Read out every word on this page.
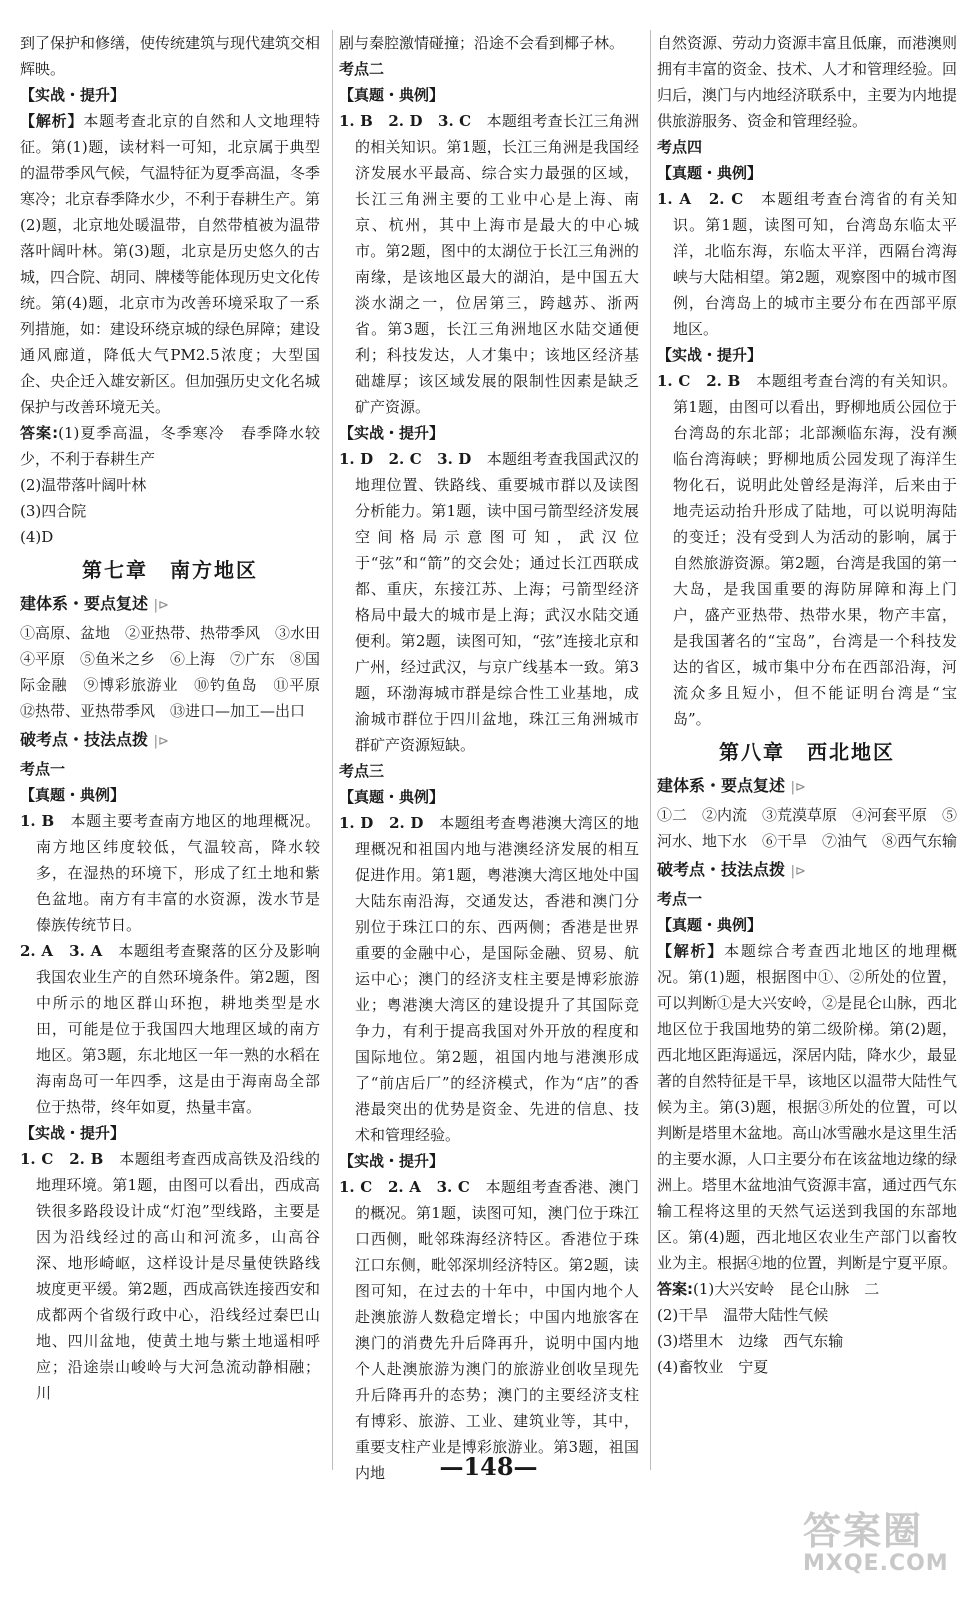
到了保护和修缮，使传统建筑与现代建筑交相辉映。
【实战・提升】
【解析】本题考查北京的自然和人文地理特征。第(1)题，读材料一可知，北京属于典型的温带季风气候，气温特征为夏季高温，冬季寒冷；北京春季降水少，不利于春耕生产。第(2)题，北京地处暖温带，自然带植被为温带落叶阔叶林。第(3)题，北京是历史悠久的古城，四合院、胡同、牌楼等能体现历史文化传统。第(4)题，北京市为改善环境采取了一系列措施，如：建设环绕京城的绿色屏障；建设通风廊道，降低大气PM2.5浓度；大型国企、央企迁入雄安新区。但加强历史文化名城保护与改善环境无关。
答案:(1)夏季高温，冬季寒冷　春季降水较少，不利于春耕生产
(2)温带落叶阔叶林
(3)四合院
(4)D
第七章　南方地区
建体系・要点复述 |⊳
①高原、盆地　②亚热带、热带季风　③水田　④平原　⑤鱼米之乡　⑥上海　⑦广东　⑧国际金融　⑨博彩旅游业　⑩钓鱼岛　⑪平原　⑫热带、亚热带季风　⑬进口—加工—出口
破考点・技法点拨 |⊳
考点一
【真题・典例】
1. B　 本题主要考查南方地区的地理概况。南方地区纬度较低，气温较高，降水较多，在湿热的环境下，形成了红土地和紫色盆地。南方有丰富的水资源，泼水节是傣族传统节日。
2. A　3. A　 本题组考查聚落的区分及影响我国农业生产的自然环境条件。第2题，图中所示的地区群山环抱，耕地类型是水田，可能是位于我国四大地理区域的南方地区。第3题，东北地区一年一熟的水稻在海南岛可一年四季，这是由于海南岛全部位于热带，终年如夏，热量丰富。
【实战・提升】
1. C　2. B　 本题组考查西成高铁及沿线的地理环境。第1题，由图可以看出，西成高铁很多路段设计成“灯泡”型线路，主要是因为沿线经过的高山和河流多，山高谷深、地形崎岖，这样设计是尽量使铁路线坡度更平缓。第2题，西成高铁连接西安和成都两个省级行政中心，沿线经过秦巴山地、四川盆地，使黄土地与紫土地遥相呼应；沿途崇山峻岭与大河急流动静相融；川
剧与秦腔激情碰撞；沿途不会看到椰子林。
考点二
【真题・典例】
1. B　2. D　3. C　 本题组考查长江三角洲的相关知识。第1题，长江三角洲是我国经济发展水平最高、综合实力最强的区域，长江三角洲主要的工业中心是上海、南京、杭州，其中上海市是最大的中心城市。第2题，图中的太湖位于长江三角洲的南缘，是该地区最大的湖泊，是中国五大淡水湖之一，位居第三，跨越苏、浙两省。第3题，长江三角洲地区水陆交通便利；科技发达，人才集中；该地区经济基础雄厚；该区域发展的限制性因素是缺乏矿产资源。
【实战・提升】
1. D　2. C　3. D　 本题组考查我国武汉的地理位置、铁路线、重要城市群以及读图分析能力。第1题，读中国弓箭型经济发展空间格局示意图可知，武汉位于“弦”和“箭”的交会处；通过长江西联成都、重庆，东接江苏、上海；弓箭型经济格局中最大的城市是上海；武汉水陆交通便利。第2题，读图可知，“弦”连接北京和广州，经过武汉，与京广线基本一致。第3题，环渤海城市群是综合性工业基地，成渝城市群位于四川盆地，珠江三角洲城市群矿产资源短缺。
考点三
【真题・典例】
1. D　2. D　 本题组考查粤港澳大湾区的地理概况和祖国内地与港澳经济发展的相互促进作用。第1题，粤港澳大湾区地处中国大陆东南沿海，交通发达，香港和澳门分别位于珠江口的东、西两侧；香港是世界重要的金融中心，是国际金融、贸易、航运中心；澳门的经济支柱主要是博彩旅游业；粤港澳大湾区的建设提升了其国际竞争力，有利于提高我国对外开放的程度和国际地位。第2题，祖国内地与港澳形成了“前店后厂”的经济模式，作为“店”的香港最突出的优势是资金、先进的信息、技术和管理经验。
【实战・提升】
1. C　2. A　3. C　 本题组考查香港、澳门的概况。第1题，读图可知，澳门位于珠江口西侧，毗邻珠海经济特区。香港位于珠江口东侧，毗邻深圳经济特区。第2题，读图可知，在过去的十年中，中国内地个人赴澳旅游人数稳定增长；中国内地旅客在澳门的消费先升后降再升，说明中国内地个人赴澳旅游为澳门的旅游业创收呈现先升后降再升的态势；澳门的主要经济支柱有博彩、旅游、工业、建筑业等，其中，重要支柱产业是博彩旅游业。第3题，祖国内地
自然资源、劳动力资源丰富且低廉，而港澳则拥有丰富的资金、技术、人才和管理经验。回归后，澳门与内地经济联系中，主要为内地提供旅游服务、资金和管理经验。
考点四
【真题・典例】
1. A　2. C　 本题组考查台湾省的有关知识。第1题，读图可知，台湾岛东临太平洋，北临东海，东临太平洋，西隔台湾海峡与大陆相望。第2题，观察图中的城市图例，台湾岛上的城市主要分布在西部平原地区。
【实战・提升】
1. C　2. B　 本题组考查台湾的有关知识。第1题，由图可以看出，野柳地质公园位于台湾岛的东北部；北部濒临东海，没有濒临台湾海峡；野柳地质公园发现了海洋生物化石，说明此处曾经是海洋，后来由于地壳运动抬升形成了陆地，可以说明海陆的变迁；没有受到人为活动的影响，属于自然旅游资源。第2题，台湾是我国的第一大岛，是我国重要的海防屏障和海上门户，盛产亚热带、热带水果，物产丰富，是我国著名的“宝岛”，台湾是一个科技发达的省区，城市集中分布在西部沿海，河流众多且短小，但不能证明台湾是“宝岛”。
第八章　西北地区
建体系・要点复述 |⊳
①二　②内流　③荒漠草原　④河套平原　⑤河水、地下水　⑥干旱　⑦油气　⑧西气东输
破考点・技法点拨 |⊳
考点一
【真题・典例】
【解析】本题综合考查西北地区的地理概况。第(1)题，根据图中①、②所处的位置，可以判断①是大兴安岭，②是昆仑山脉，西北地区位于我国地势的第二级阶梯。第(2)题，西北地区距海遥远，深居内陆，降水少，最显著的自然特征是干旱，该地区以温带大陆性气候为主。第(3)题，根据③所处的位置，可以判断是塔里木盆地。高山冰雪融水是这里生活的主要水源，人口主要分布在该盆地边缘的绿洲上。塔里木盆地油气资源丰富，通过西气东输工程将这里的天然气运送到我国的东部地区。第(4)题，西北地区农业生产部门以畜牧业为主。根据④地的位置，判断是宁夏平原。
答案:(1)大兴安岭　昆仑山脉　二
(2)干旱　温带大陆性气候
(3)塔里木　边缘　西气东输
(4)畜牧业　宁夏
—148—
答案圈
MXQE.COM
